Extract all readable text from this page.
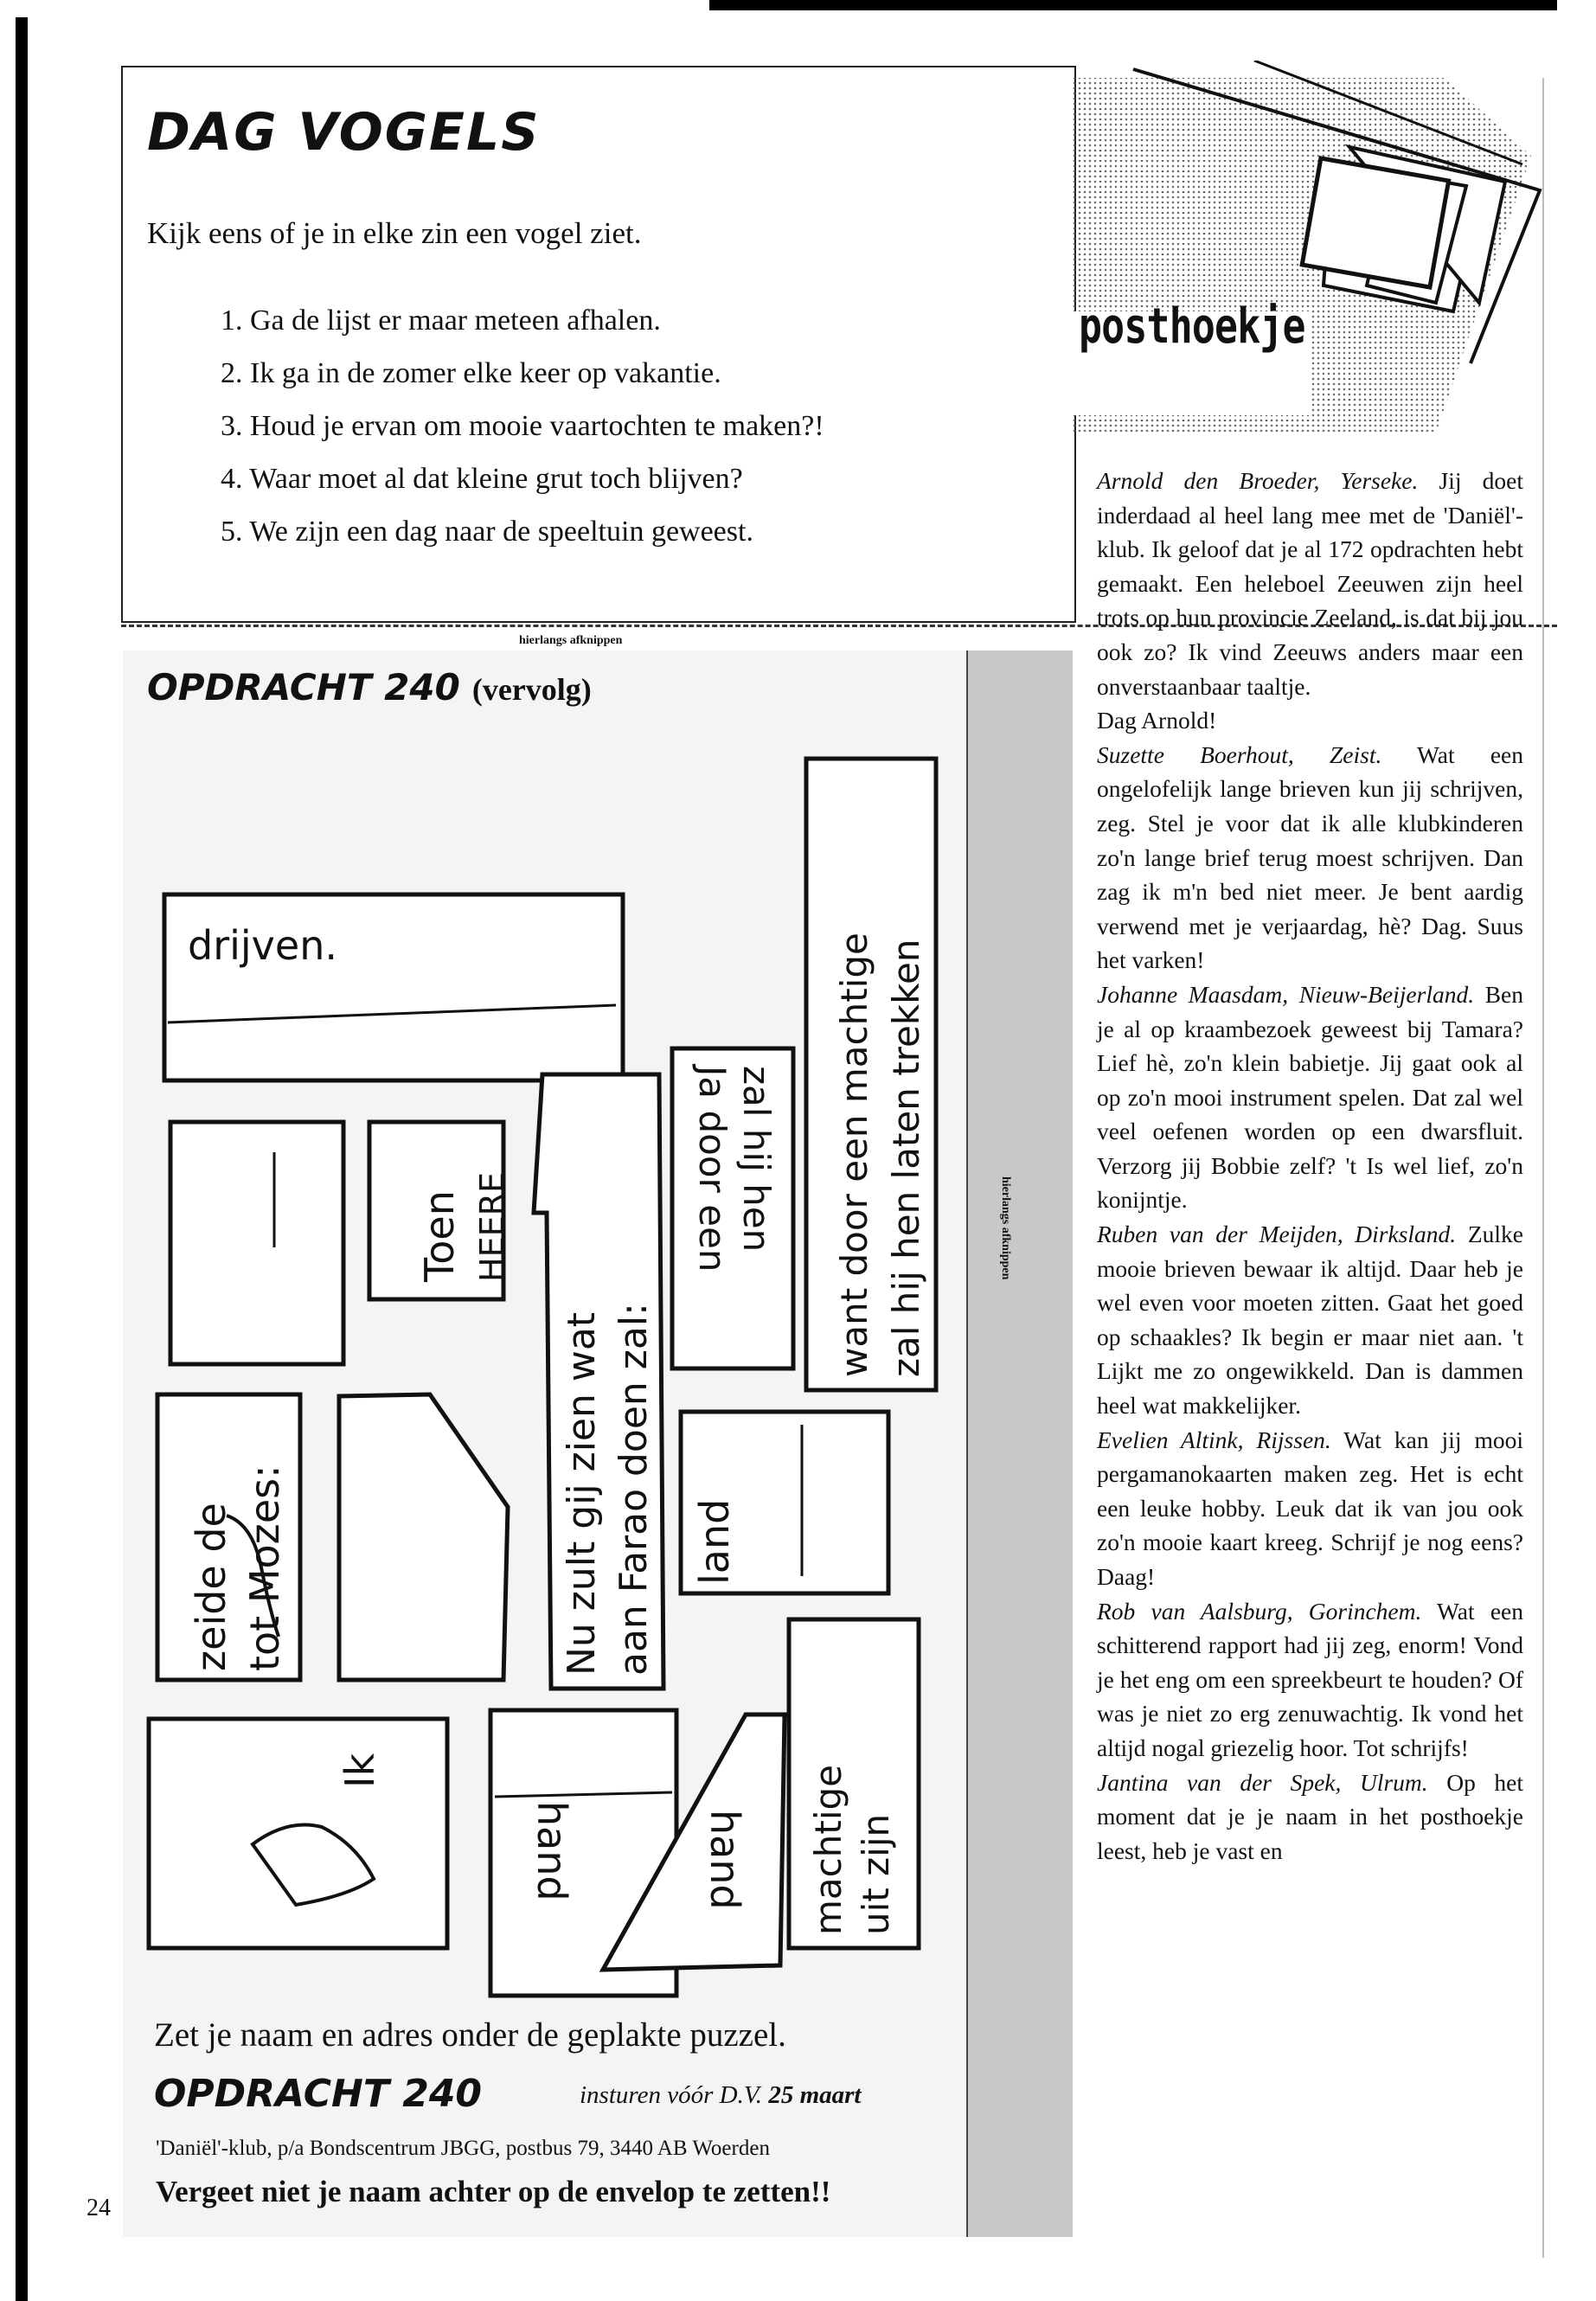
DAG VOGELS
Kijk eens of je in elke zin een vogel ziet.
1. Ga de lijst er maar meteen afhalen.
2. Ik ga in de zomer elke keer op vakantie.
3. Houd je ervan om mooie vaartochten te maken?!
4. Waar moet al dat kleine grut toch blijven?
5. We zijn een dag naar de speeltuin geweest.
hierlangs afknippen
hierlangs afknippen
OPDRACHT 240 (vervolg)
drijven.
Toen HEERE	Ja door een zal hij hen want door een machtige zal hij hen laten trekken
Nu zult gij zien wat aan Farao doen zal:
zeide de tot Mozes:	land
machtige uit zijn
Ik
hand	hand
Zet je naam en adres onder de geplakte puzzel.
OPDRACHT 240	insturen vóór D.V. 25 maart
'Daniël'-klub, p/a Bondscentrum JBGG, postbus 79, 3440 AB Woerden
Vergeet niet je naam achter op de envelop te zetten!!
24
posthoekje

Arnold den Broeder, Yerseke. Jij doet inderdaad al heel lang mee met de 'Daniël'-klub. Ik geloof dat je al 172 opdrachten hebt gemaakt. Een heleboel Zeeuwen zijn heel trots op hun provincie Zeeland, is dat bij jou ook zo? Ik vind Zeeuws anders maar een onverstaanbaar taaltje.

Dag Arnold!

Suzette Boerhout, Zeist. Wat een ongelofelijk lange brieven kun jij schrijven, zeg. Stel je voor dat ik alle klubkinderen zo'n lange brief terug moest schrijven. Dan zag ik m'n bed niet meer. Je bent aardig verwend met je verjaardag, hè? Dag. Suus het varken!

Johanne Maasdam, Nieuw-Beijerland. Ben je al op kraambezoek geweest bij Tamara? Lief hè, zo'n klein babietje. Jij gaat ook al op zo'n mooi instrument spelen. Dat zal wel veel oefenen worden op een dwarsfluit. Verzorg jij Bobbie zelf? 't Is wel lief, zo'n konijntje.

Ruben van der Meijden, Dirksland. Zulke mooie brieven bewaar ik altijd. Daar heb je wel even voor moeten zitten. Gaat het goed op schaakles? Ik begin er maar niet aan. 't Lijkt me zo ongewikkeld. Dan is dammen heel wat makkelijker.

Evelien Altink, Rijssen. Wat kan jij mooi pergamanokaarten maken zeg. Het is echt een leuke hobby. Leuk dat ik van jou ook zo'n mooie kaart kreeg. Schrijf je nog eens? Daag!

Rob van Aalsburg, Gorinchem. Wat een schitterend rapport had jij zeg, enorm! Vond je het eng om een spreekbeurt te houden? Of was je niet zo erg zenuwachtig. Ik vond het altijd nogal griezelig hoor. Tot schrijfs!

Jantina van der Spek, Ulrum. Op het moment dat je je naam in het posthoekje leest, heb je vast en
